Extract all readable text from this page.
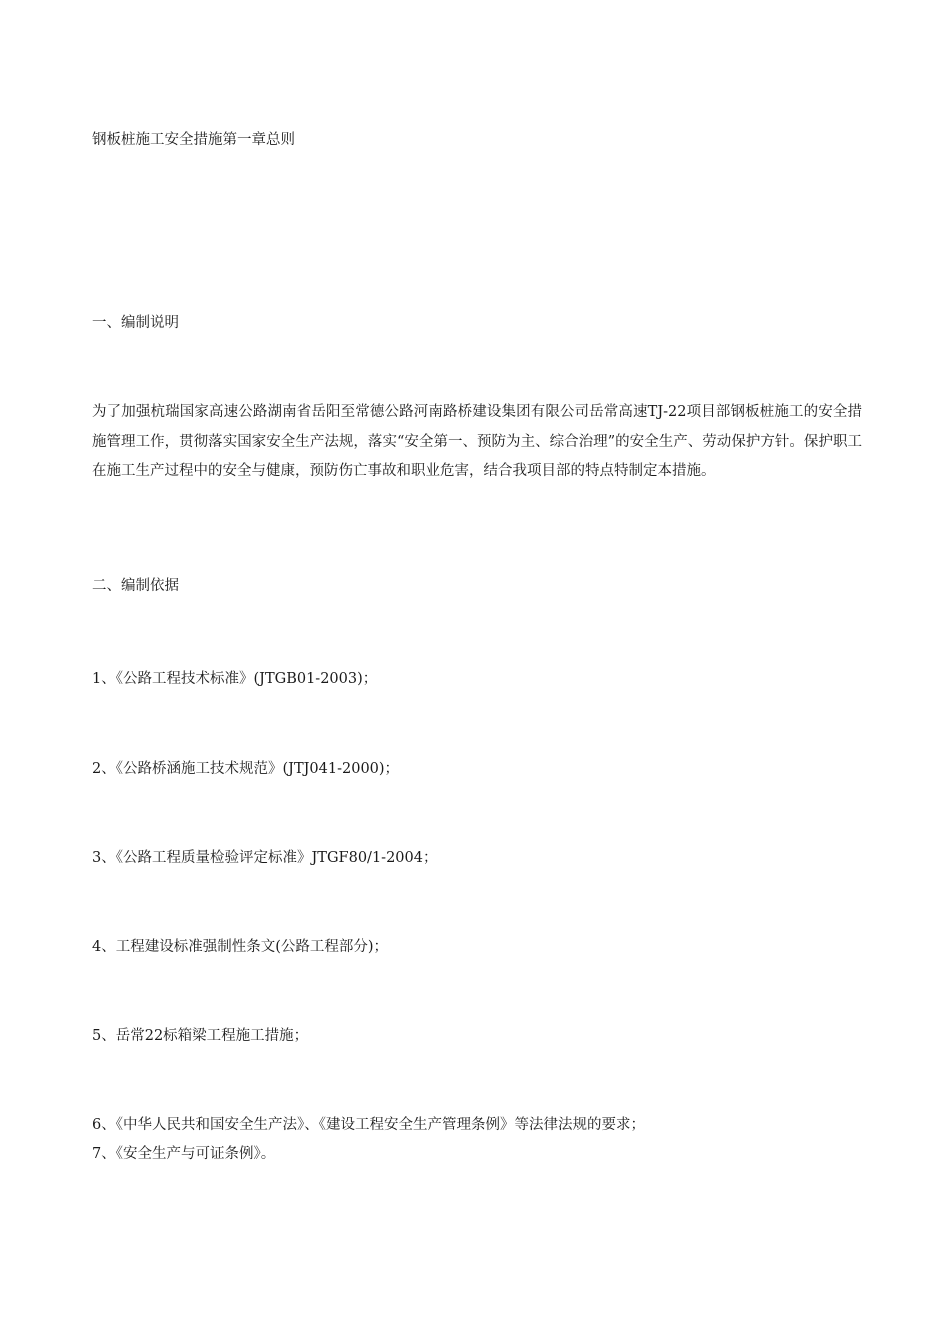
钢板桩施工安全措施第一章总则

一、编制说明

为了加强杭瑞国家高速公路湖南省岳阳至常德公路河南路桥建设集团有限公司岳常高速TJ-22项目部钢板桩施工的安全措施管理工作，贯彻落实国家安全生产法规，落实“安全第一、预防为主、综合治理”的安全生产、劳动保护方针。保护职工在施工生产过程中的安全与健康，预防伤亡事故和职业危害，结合我项目部的特点特制定本措施。

二、编制依据

1、《公路工程技术标准》(JTGB01-2003)；

2、《公路桥涵施工技术规范》(JTJ041-2000)；

3、《公路工程质量检验评定标准》JTGF80/1-2004；

4、工程建设标准强制性条文(公路工程部分)；

5、岳常22标箱梁工程施工措施；

6、《中华人民共和国安全生产法》、《建设工程安全生产管理条例》等法律法规的要求；

7、《安全生产与可证条例》。
